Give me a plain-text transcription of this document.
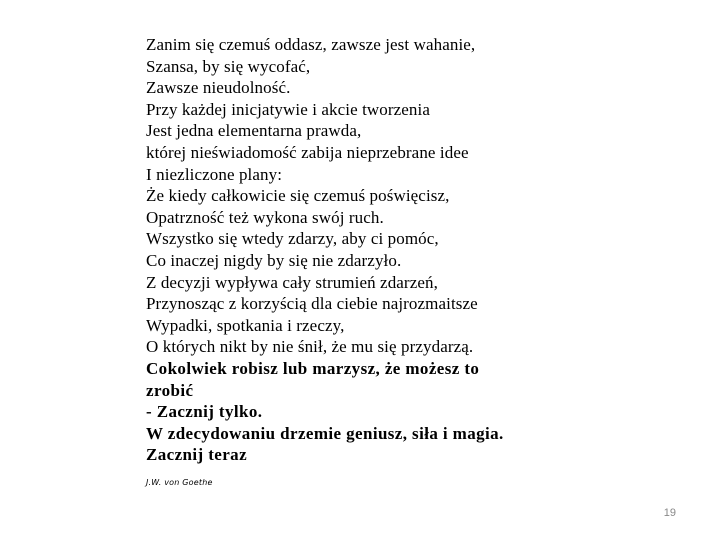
Zanim się czemuś oddasz, zawsze jest wahanie,
Szansa, by się wycofać,
Zawsze nieudolność.
Przy każdej inicjatywie i akcie tworzenia
Jest jedna elementarna prawda,
której nieświadomość zabija nieprzebrane idee
I niezliczone plany:
Że kiedy całkowicie się czemuś poświęcisz,
Opatrzność też wykona swój ruch.
Wszystko się wtedy zdarzy, aby ci pomóc,
Co inaczej nigdy by się nie zdarzyło.
Z decyzji wypływa cały strumień zdarzeń,
Przynosząc z korzyścią dla ciebie najrozmaitsze
Wypadki, spotkania i rzeczy,
O których nikt by nie śnił, że mu się przydarzą.
Cokolwiek robisz lub marzysz, że możesz to
zrobić
- Zacznij tylko.
W zdecydowaniu drzemie geniusz, siła i magia.
Zacznij teraz
J.W. von Goethe
19
